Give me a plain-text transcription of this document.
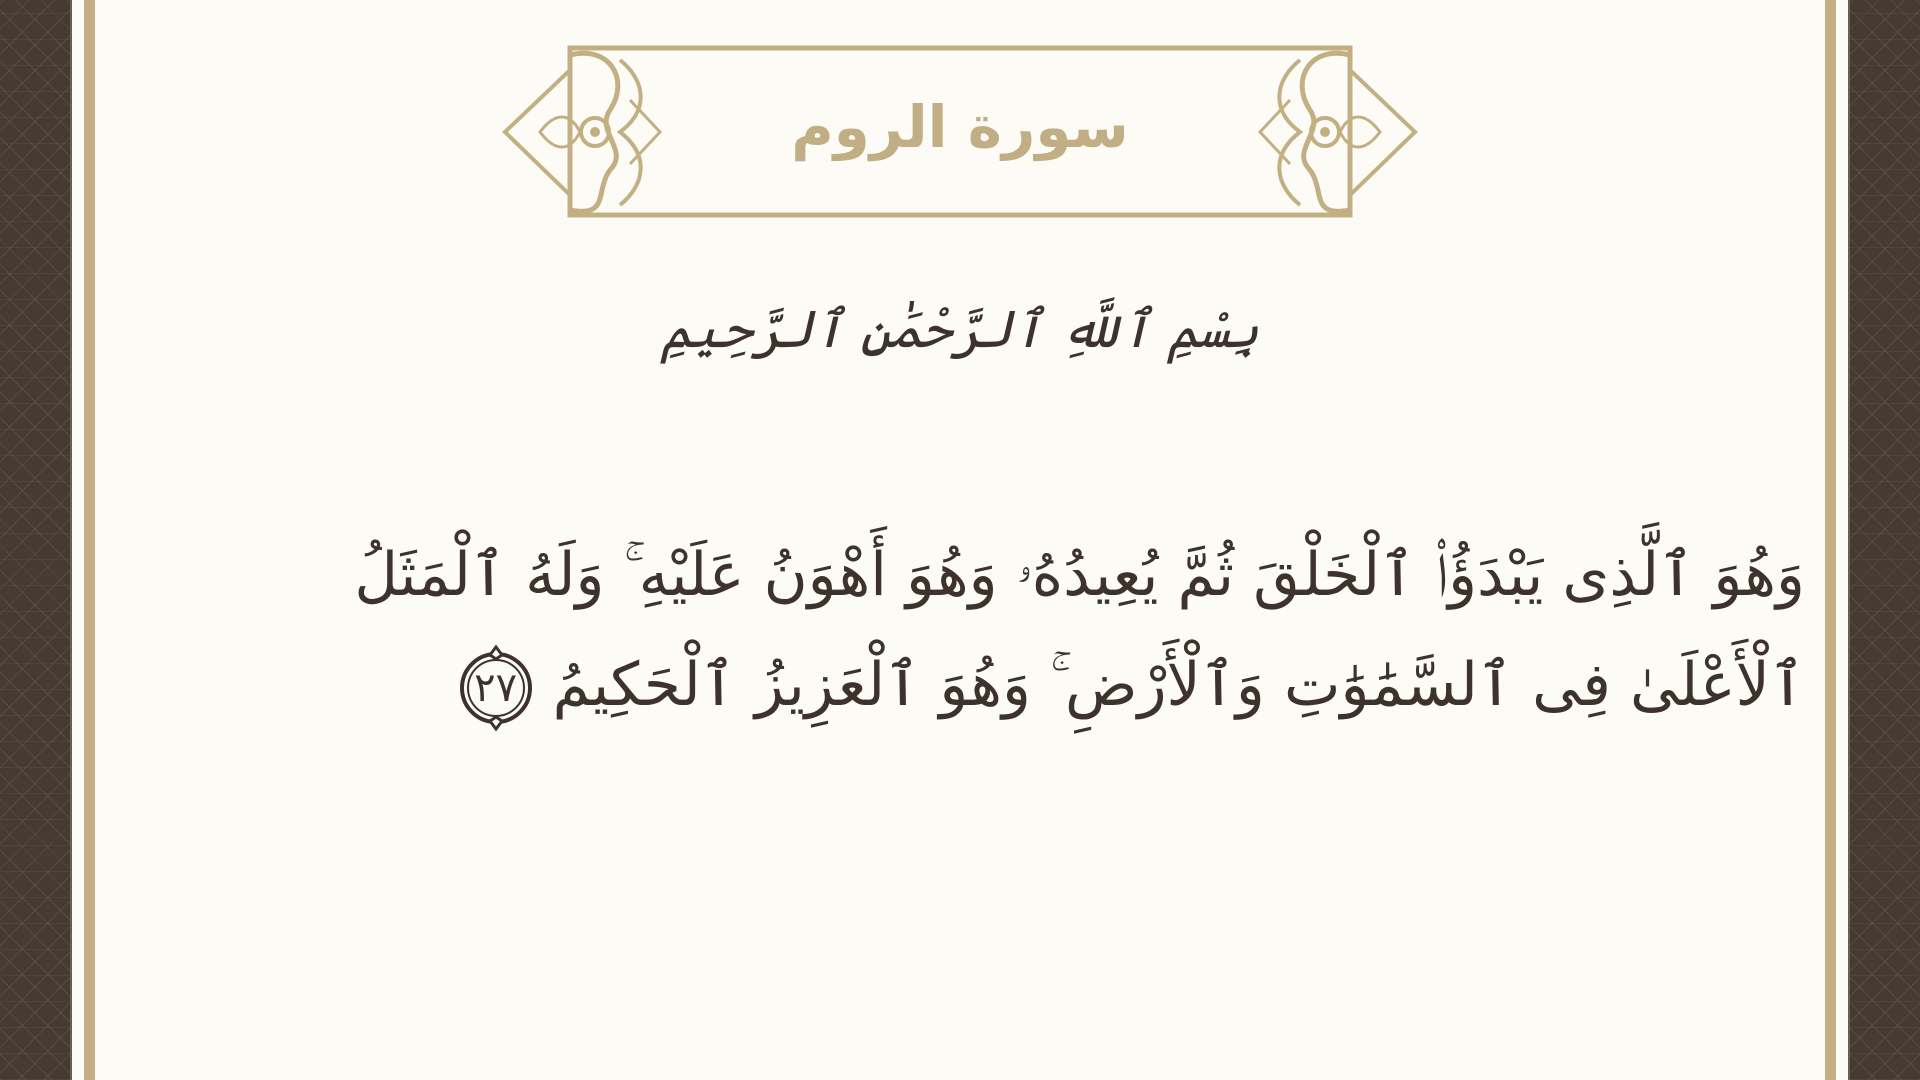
سورة الروم
بِسْمِ ٱللَّهِ ٱلرَّحْمَٰنِ ٱلرَّحِيمِ
وَهُوَ ٱلَّذِى يَبْدَؤُا۟ ٱلْخَلْقَ ثُمَّ يُعِيدُهُۥ وَهُوَ أَهْوَنُ عَلَيْهِ ۚ وَلَهُ ٱلْمَثَلُ
ٱلْأَعْلَىٰ فِى ٱلسَّمَٰوَٰتِ وَٱلْأَرْضِ ۚ وَهُوَ ٱلْعَزِيزُ ٱلْحَكِيمُ
٢٧
